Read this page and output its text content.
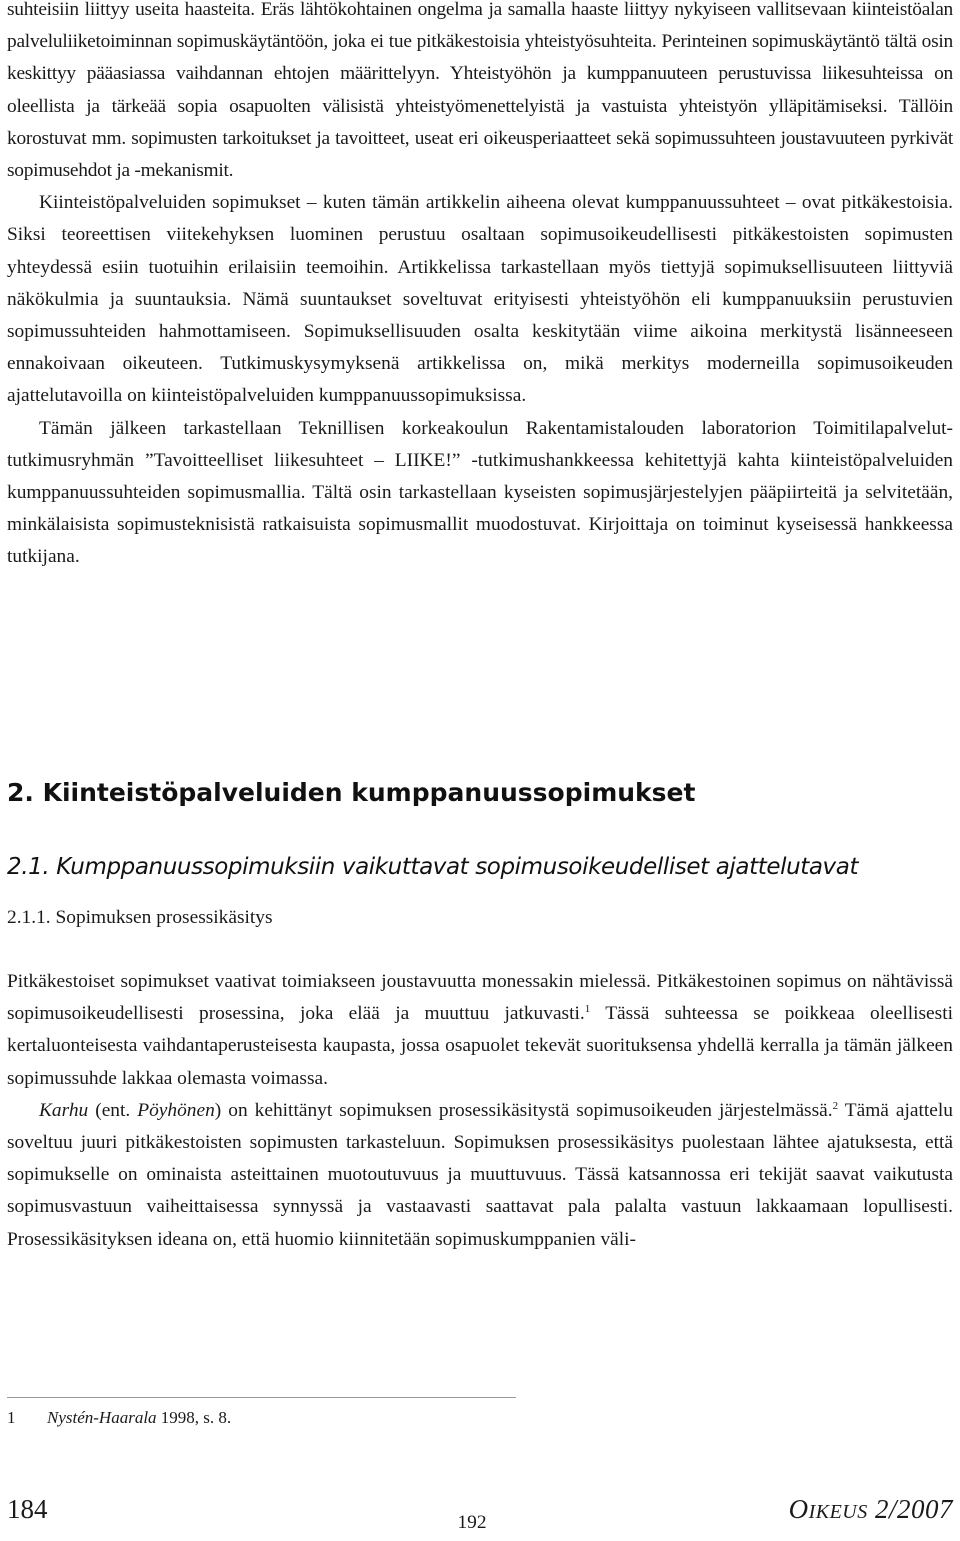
suhteisiin liittyy useita haasteita. Eräs lähtökohtainen ongelma ja samalla haaste liittyy nykyiseen vallitsevaan kiinteistöalan palveluliiketoiminnan sopimuskäytäntöön, joka ei tue pitkäkestoisia yhteistyösuhteita. Perinteinen sopimuskäytäntö tältä osin keskittyy pääasiassa vaihdannan ehtojen määrittelyyn. Yhteistyöhön ja kumppanuuteen perustuvissa liikesuhteissa on oleellista ja tärkeää sopia osapuolten välisistä yhteistyömenettelyistä ja vastuista yhteistyön ylläpitämiseksi. Tällöin korostuvat mm. sopimusten tarkoitukset ja tavoitteet, useat eri oikeusperiaatteet sekä sopimussuhteen joustavuuteen pyrkivät sopimusehdot ja -mekanismit.

Kiinteistöpalveluiden sopimukset – kuten tämän artikkelin aiheena olevat kumppanuussuhteet – ovat pitkäkestoisia. Siksi teoreettisen viitekehyksen luominen perustuu osaltaan sopimusoikeudellisesti pitkäkestoisten sopimusten yhteydessä esiin tuotuihin erilaisiin teemoihin. Artikkelissa tarkastellaan myös tiettyjä sopimuksellisuuteen liittyviä näkökulmia ja suuntauksia. Nämä suuntaukset soveltuvat erityisesti yhteistyöhön eli kumppanuuksiin perustuvien sopimussuhteiden hahmottamiseen. Sopimuksellisuuden osalta keskitytään viime aikoina merkitystä lisänneeseen ennakoivaan oikeuteen. Tutkimuskysymyksenä artikkelissa on, mikä merkitys moderneilla sopimusoikeuden ajattelutavoilla on kiinteistöpalveluiden kumppanuussopimuksissa.

Tämän jälkeen tarkastellaan Teknillisen korkeakoulun Rakentamistalouden laboratorion Toimitilapalvelut-tutkimusryhmän ”Tavoitteelliset liikesuhteet – LIIKE!” -tutkimushankkeessa kehitettyjä kahta kiinteistöpalveluiden kumppanuussuhteiden sopimusmallia. Tältä osin tarkastellaan kyseisten sopimusjärjestelyjen pääpiirteitä ja selvitetään, minkälaisista sopimusteknisistä ratkaisuista sopimusmallit muodostuvat. Kirjoittaja on toiminut kyseisessä hankkeessa tutkijana.

2. Kiinteistöpalveluiden kumppanuussopimukset
2.1. Kumppanuussopimuksiin vaikuttavat sopimusoikeudelliset ajattelutavat
2.1.1. Sopimuksen prosessikäsitys

Pitkäkestoiset sopimukset vaativat toimiakseen joustavuutta monessakin mielessä. Pitkäkestoinen sopimus on nähtävissä sopimusoikeudellisesti prosessina, joka elää ja muuttuu jatkuvasti.$^1$ Tässä suhteessa se poikkeaa oleellisesti kertaluonteisesta vaihdantaperusteisesta kaupasta, jossa osapuolet tekevät suorituksensa yhdellä kerralla ja tämän jälkeen sopimussuhde lakkaa olemasta voimassa.

Karhu (ent. Pöyhönen) on kehittänyt sopimuksen prosessikäsitystä sopimusoikeuden järjestelmässä.$^2$ Tämä ajattelu soveltuu juuri pitkäkestoisten sopimusten tarkasteluun. Sopimuksen prosessikäsitys puolestaan lähtee ajatuksesta, että sopimukselle on ominaista asteittainen muotoutuvuus ja muuttuvuus. Tässä katsannossa eri tekijät saavat vaikutusta sopimusvastuun vaiheittaisessa synnyssä ja vastaavasti saattavat pala palalta vastuun lakkaamaan lopullisesti. Prosessikäsityksen ideana on, että huomio kiinnitetään sopimuskumppanien väli-

1 Nystén-Haarala 1998, s. 8.
184	OIKEUS 2/2007
192
